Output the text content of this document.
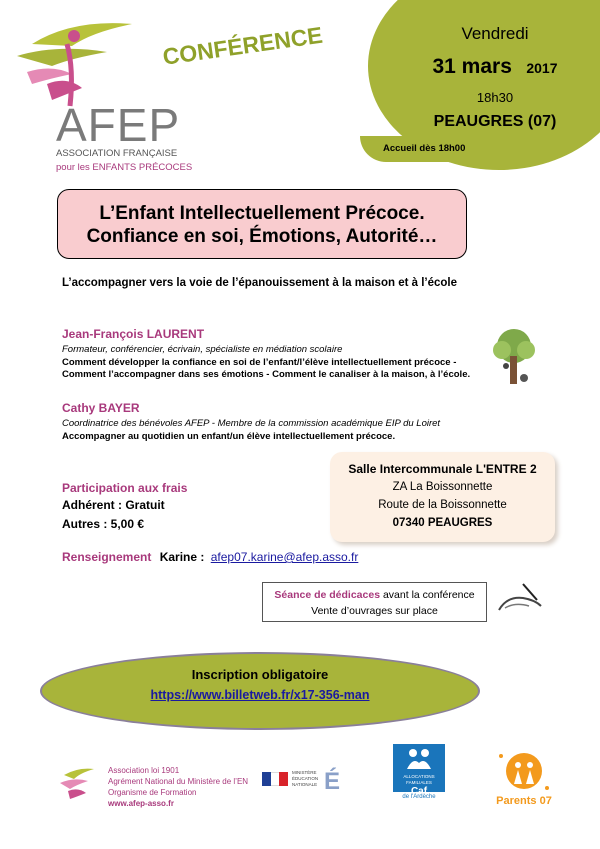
AFEP
ASSOCIATION FRANÇAISE
pour les ENFANTS PRÉCOCES
CONFÉRENCE	Vendredi
31 mars 2017
18h30
PEAUGRES (07)
Accueil dès 18h00
L’Enfant Intellectuellement Précoce.
Confiance en soi, Émotions, Autorité…
L’accompagner vers la voie de l’épanouissement à la maison et à l’école
Jean-François LAURENT
Formateur, conférencier, écrivain, spécialiste en médiation scolaire
Comment développer la confiance en soi de l’enfant/l’élève intellectuellement précoce -
Comment l’accompagner dans ses émotions - Comment le canaliser à la maison, à l’école.
Cathy BAYER
Coordinatrice des bénévoles AFEP - Membre de la commission académique EIP du Loiret
Accompagner au quotidien un enfant/un élève intellectuellement précoce.
Participation aux frais
Adhérent : Gratuit
Autres : 5,00 €
Salle Intercommunale L'ENTRE 2
ZA La Boissonnette
Route de la Boissonnette
07340 PEAUGRES
Renseignement Karine : afep07.karine@afep.asso.fr
Séance de dédicaces avant la conférence
Vente d’ouvrages sur place
Inscription obligatoire
https://www.billetweb.fr/x17-356-man
Association loi 1901
Agrément National du Ministère de l’EN
Organisme de Formation
www.afep-asso.fr
MINISTÈRE ÉDUCATION NATIONALE É	ALLOCATIONS FAMILIALES
Caf
de l'Ardèche	Parents 07
